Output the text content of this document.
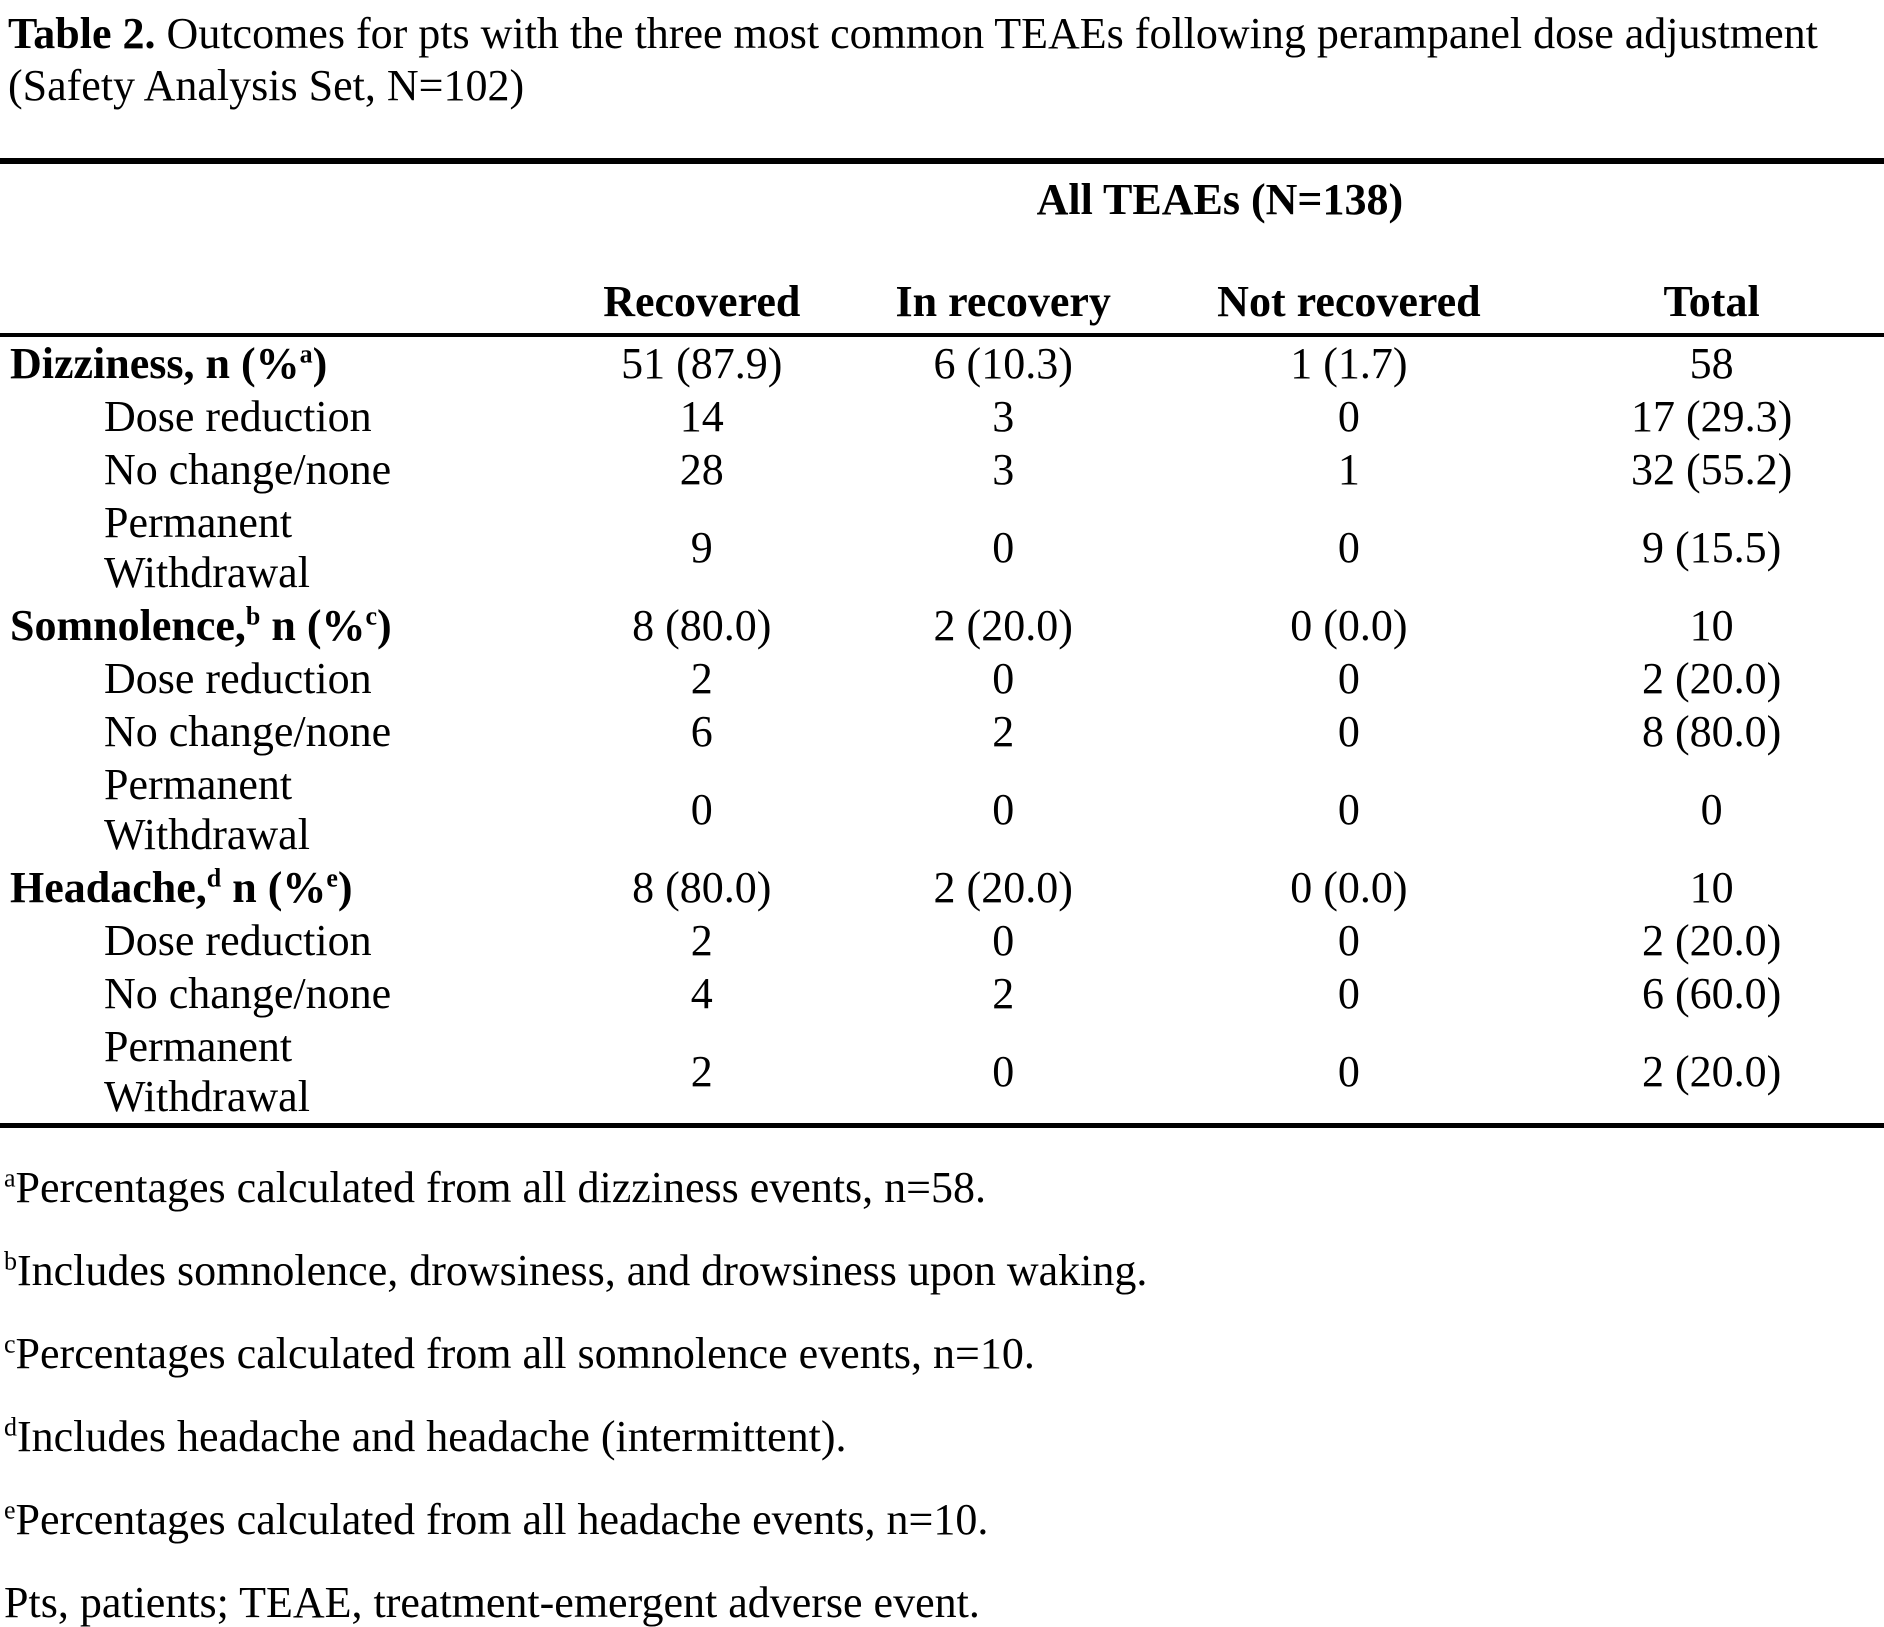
Table 2. Outcomes for pts with the three most common TEAEs following perampanel dose adjustment (Safety Analysis Set, N=102)
	All TEAEs (N=138)			
	Recovered	In recovery	Not recovered	Total
Dizziness, n (%$^a$)	51 (87.9)	6 (10.3)	1 (1.7)	58
Dose reduction	14	3	0	17 (29.3)
No change/none	28	3	1	32 (55.2)
Permanent
Withdrawal	9	0	0	9 (15.5)
Somnolence,$^b$ n (%$^c$)	8 (80.0)	2 (20.0)	0 (0.0)	10
Dose reduction	2	0	0	2 (20.0)
No change/none	6	2	0	8 (80.0)
Permanent
Withdrawal	0	0	0	0
Headache,$^d$ n (%$^e$)	8 (80.0)	2 (20.0)	0 (0.0)	10
Dose reduction	2	0	0	2 (20.0)
No change/none	4	2	0	6 (60.0)
Permanent
Withdrawal	2	0	0	2 (20.0)

$^a$Percentages calculated from all dizziness events, n=58.

$^b$Includes somnolence, drowsiness, and drowsiness upon waking.

$^c$Percentages calculated from all somnolence events, n=10.

$^d$Includes headache and headache (intermittent).

$^e$Percentages calculated from all headache events, n=10.

Pts, patients; TEAE, treatment-emergent adverse event.
